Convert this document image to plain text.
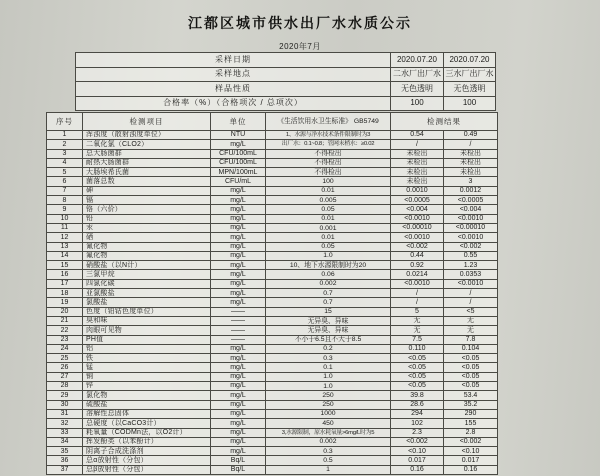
江都区城市供水出厂水水质公示
2020年7月
采样日期	2020.07.20	2020.07.20
采样地点	二水厂出厂水	三水厂出厂水
样品性质	无色透明	无色透明
合格率（%）（合格项次 / 总项次）	100	100
序号	检测项目	单位	《生活饮用水卫生标准》 GB5749	检测结果	
1	浑浊度（散射浊度单位）	NTU	1、水源与净水技术条件限制时为3	0.54	0.49
2	二氧化氯（CLO2）	mg/L	出厂水：0.1~0.8；管网末梢水：≥0.02	/	/
3	总大肠菌群	CFU/100mL	不得检出	未检出	未检出
4	耐热大肠菌群	CFU/100mL	不得检出	未检出	未检出
5	大肠埃希氏菌	MPN/100mL	不得检出	未检出	未检出
6	菌落总数	CFU/mL	100	未检出	3
7	砷	mg/L	0.01	0.0010	0.0012
8	镉	mg/L	0.005	<0.0005	<0.0005
9	铬（六价）	mg/L	0.05	<0.004	<0.004
10	铅	mg/L	0.01	<0.0010	<0.0010
11	汞	mg/L	0.001	<0.00010	<0.00010
12	硒	mg/L	0.01	<0.0010	<0.0010
13	氰化物	mg/L	0.05	<0.002	<0.002
14	氟化物	mg/L	1.0	0.44	0.55
15	硝酸盐（以N计）	mg/L	10、地下水源限制时为20	0.92	1.23
16	三氯甲烷	mg/L	0.06	0.0214	0.0353
17	四氯化碳	mg/L	0.002	<0.0010	<0.0010
18	亚氯酸盐	mg/L	0.7	/	/
19	氯酸盐	mg/L	0.7	/	/
20	色度（铂钴色度单位）	——	15	5	<5
21	臭和味	——	无异臭、异味	无	无
22	肉眼可见物	——	无异臭、异味	无	无
23	PH值	——	不小于6.5且不大于8.5	7.5	7.8
24	铝	mg/L	0.2	0.110	0.104
25	铁	mg/L	0.3	<0.05	<0.05
26	锰	mg/L	0.1	<0.05	<0.05
27	铜	mg/L	1.0	<0.05	<0.05
28	锌	mg/L	1.0	<0.05	<0.05
29	氯化物	mg/L	250	39.8	53.4
30	硫酸盐	mg/L	250	28.6	35.2
31	溶解性总固体	mg/L	1000	294	290
32	总硬度（以CaCO3计）	mg/L	450	102	155
33	耗氧量（CODMn法，以O2计）	mg/L	3,水源限制，原水耗氧量>6mg/L时为5	2.3	2.8
34	挥发酚类（以苯酚计）	mg/L	0.002	<0.002	<0.002
35	阴离子合成洗涤剂	mg/L	0.3	<0.10	<0.10
36	总α放射性（分包）	Bq/L	0.5	0.017	0.017
37	总β放射性（分包）	Bq/L	1	0.16	0.16
